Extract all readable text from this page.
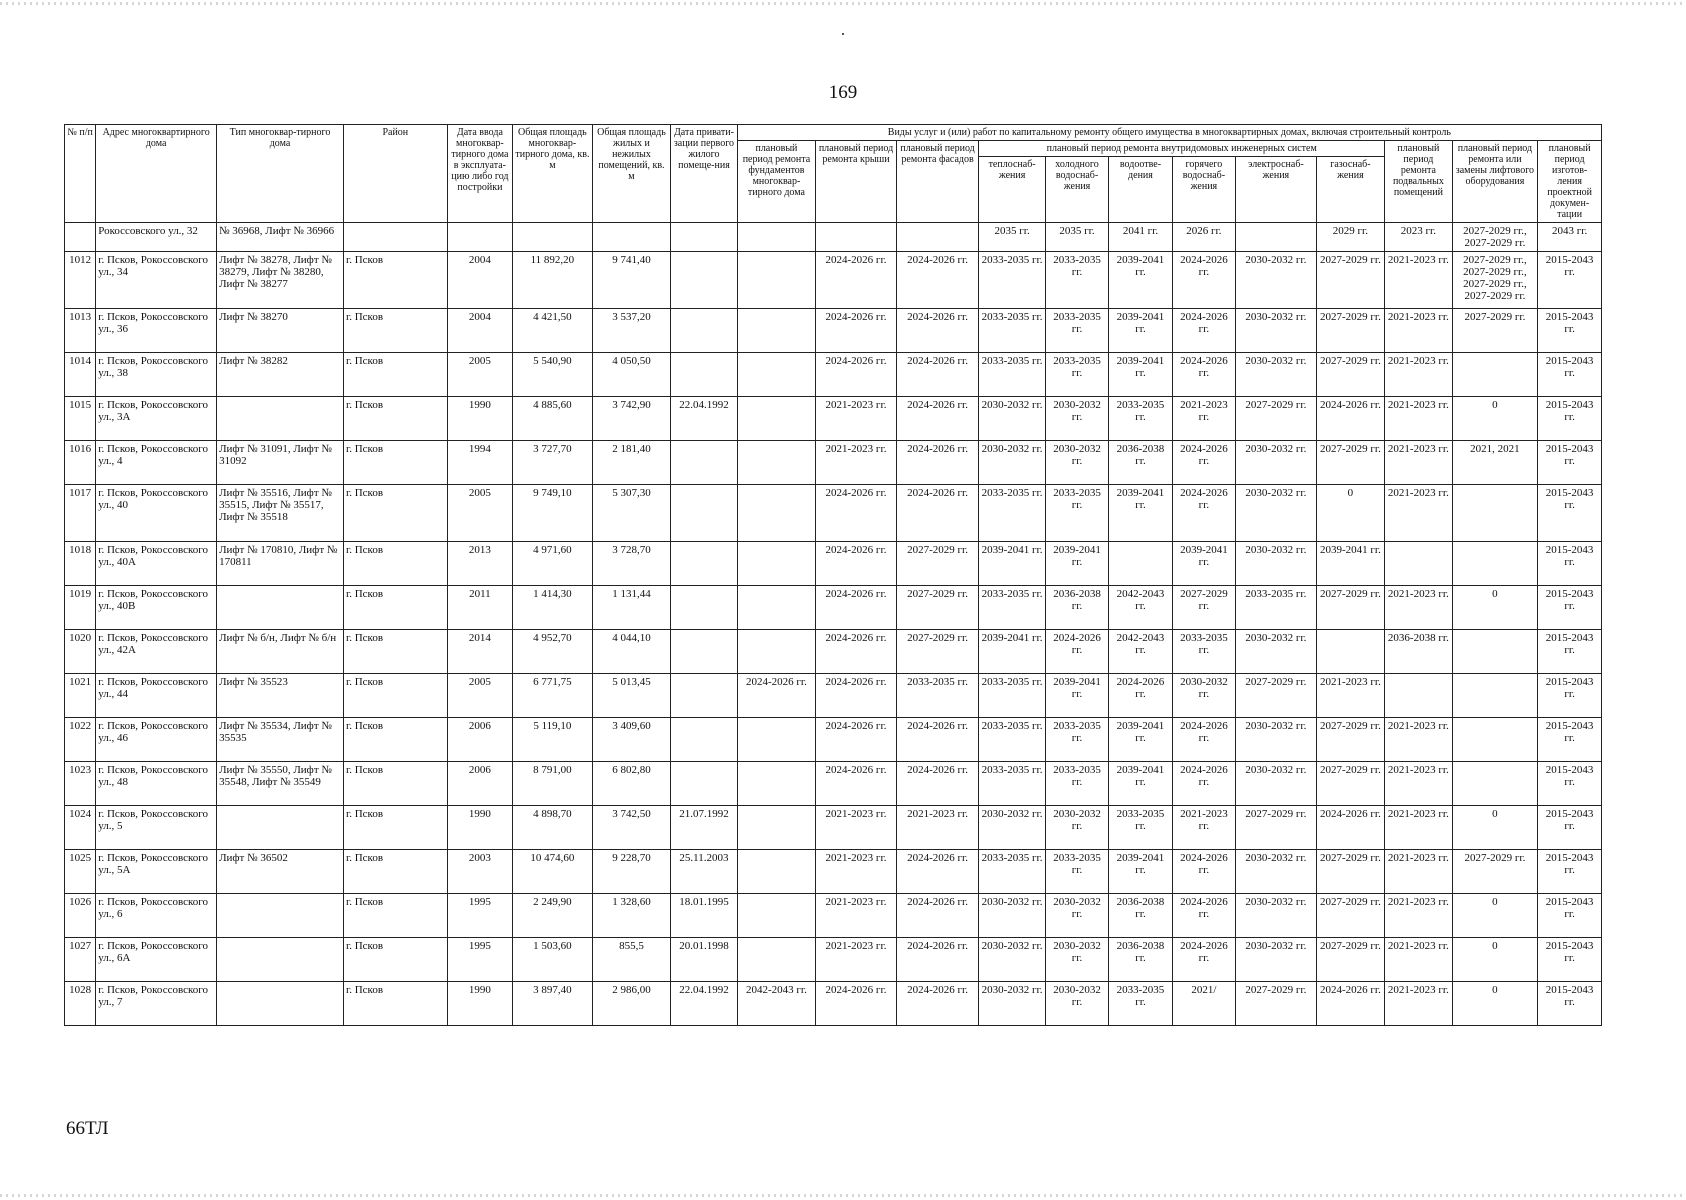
169
№ п/п	Адрес многоквартирного дома	Тип многоквар-тирного дома	Район	Дата ввода многоквар-тирного дома в эксплуата-цию либо год постройки	Общая площадь многоквар-тирного дома, кв. м	Общая площадь жилых и нежилых помещений, кв. м	Дата привати-зации первого жилого помеще-ния	Виды услуг и (или) работ по капитальному ремонту общего имущества в многоквартирных домах, включая строительный контроль											
								плановый период ремонта фундаментов многоквар-тирного дома	плановый период ремонта крыши	плановый период ремонта фасадов	плановый период ремонта внутридомовых инженерных систем						плановый период ремонта подвальных помещений	плановый период ремонта или замены лифтового оборудования	плановый период изготов-ления проектной докумен-тации
											теплоснаб-жения	холодного водоснаб-жения	водоотве-дения	горячего водоснаб-жения	электроснаб-жения	газоснаб-жения			
	Рокоссовского ул., 32	№ 36968, Лифт № 36966									2035 гг.	2035 гг.	2041 гг.	2026 гг.		2029 гг.	2023 гг.	2027-2029 гг., 2027-2029 гг.	2043 гг.
1012	г. Псков, Рокоссовского ул., 34	Лифт № 38278, Лифт № 38279, Лифт № 38280, Лифт № 38277	г. Псков	2004	11 892,20	9 741,40			2024-2026 гг.	2024-2026 гг.	2033-2035 гг.	2033-2035 гг.	2039-2041 гг.	2024-2026 гг.	2030-2032 гг.	2027-2029 гг.	2021-2023 гг.	2027-2029 гг., 2027-2029 гг., 2027-2029 гг., 2027-2029 гг.	2015-2043 гг.
1013	г. Псков, Рокоссовского ул., 36	Лифт № 38270	г. Псков	2004	4 421,50	3 537,20			2024-2026 гг.	2024-2026 гг.	2033-2035 гг.	2033-2035 гг.	2039-2041 гг.	2024-2026 гг.	2030-2032 гг.	2027-2029 гг.	2021-2023 гг.	2027-2029 гг.	2015-2043 гг.
1014	г. Псков, Рокоссовского ул., 38	Лифт № 38282	г. Псков	2005	5 540,90	4 050,50			2024-2026 гг.	2024-2026 гг.	2033-2035 гг.	2033-2035 гг.	2039-2041 гг.	2024-2026 гг.	2030-2032 гг.	2027-2029 гг.	2021-2023 гг.		2015-2043 гг.
1015	г. Псков, Рокоссовского ул., 3А		г. Псков	1990	4 885,60	3 742,90	22.04.1992		2021-2023 гг.	2024-2026 гг.	2030-2032 гг.	2030-2032 гг.	2033-2035 гг.	2021-2023 гг.	2027-2029 гг.	2024-2026 гг.	2021-2023 гг.	0	2015-2043 гг.
1016	г. Псков, Рокоссовского ул., 4	Лифт № 31091, Лифт № 31092	г. Псков	1994	3 727,70	2 181,40			2021-2023 гг.	2024-2026 гг.	2030-2032 гг.	2030-2032 гг.	2036-2038 гг.	2024-2026 гг.	2030-2032 гг.	2027-2029 гг.	2021-2023 гг.	2021, 2021	2015-2043 гг.
1017	г. Псков, Рокоссовского ул., 40	Лифт № 35516, Лифт № 35515, Лифт № 35517, Лифт № 35518	г. Псков	2005	9 749,10	5 307,30			2024-2026 гг.	2024-2026 гг.	2033-2035 гг.	2033-2035 гг.	2039-2041 гг.	2024-2026 гг.	2030-2032 гг.	0	2021-2023 гг.		2015-2043 гг.
1018	г. Псков, Рокоссовского ул., 40А	Лифт № 170810, Лифт № 170811	г. Псков	2013	4 971,60	3 728,70			2024-2026 гг.	2027-2029 гг.	2039-2041 гг.	2039-2041 гг.		2039-2041 гг.	2030-2032 гг.	2039-2041 гг.			2015-2043 гг.
1019	г. Псков, Рокоссовского ул., 40В		г. Псков	2011	1 414,30	1 131,44			2024-2026 гг.	2027-2029 гг.	2033-2035 гг.	2036-2038 гг.	2042-2043 гг.	2027-2029 гг.	2033-2035 гг.	2027-2029 гг.	2021-2023 гг.	0	2015-2043 гг.
1020	г. Псков, Рокоссовского ул., 42А	Лифт № б/н, Лифт № б/н	г. Псков	2014	4 952,70	4 044,10			2024-2026 гг.	2027-2029 гг.	2039-2041 гг.	2024-2026 гг.	2042-2043 гг.	2033-2035 гг.	2030-2032 гг.		2036-2038 гг.		2015-2043 гг.
1021	г. Псков, Рокоссовского ул., 44	Лифт № 35523	г. Псков	2005	6 771,75	5 013,45		2024-2026 гг.	2024-2026 гг.	2033-2035 гг.	2033-2035 гг.	2039-2041 гг.	2024-2026 гг.	2030-2032 гг.	2027-2029 гг.	2021-2023 гг.			2015-2043 гг.
1022	г. Псков, Рокоссовского ул., 46	Лифт № 35534, Лифт № 35535	г. Псков	2006	5 119,10	3 409,60			2024-2026 гг.	2024-2026 гг.	2033-2035 гг.	2033-2035 гг.	2039-2041 гг.	2024-2026 гг.	2030-2032 гг.	2027-2029 гг.	2021-2023 гг.		2015-2043 гг.
1023	г. Псков, Рокоссовского ул., 48	Лифт № 35550, Лифт № 35548, Лифт № 35549	г. Псков	2006	8 791,00	6 802,80			2024-2026 гг.	2024-2026 гг.	2033-2035 гг.	2033-2035 гг.	2039-2041 гг.	2024-2026 гг.	2030-2032 гг.	2027-2029 гг.	2021-2023 гг.		2015-2043 гг.
1024	г. Псков, Рокоссовского ул., 5		г. Псков	1990	4 898,70	3 742,50	21.07.1992		2021-2023 гг.	2021-2023 гг.	2030-2032 гг.	2030-2032 гг.	2033-2035 гг.	2021-2023 гг.	2027-2029 гг.	2024-2026 гг.	2021-2023 гг.	0	2015-2043 гг.
1025	г. Псков, Рокоссовского ул., 5А	Лифт № 36502	г. Псков	2003	10 474,60	9 228,70	25.11.2003		2021-2023 гг.	2024-2026 гг.	2033-2035 гг.	2033-2035 гг.	2039-2041 гг.	2024-2026 гг.	2030-2032 гг.	2027-2029 гг.	2021-2023 гг.	2027-2029 гг.	2015-2043 гг.
1026	г. Псков, Рокоссовского ул., 6		г. Псков	1995	2 249,90	1 328,60	18.01.1995		2021-2023 гг.	2024-2026 гг.	2030-2032 гг.	2030-2032 гг.	2036-2038 гг.	2024-2026 гг.	2030-2032 гг.	2027-2029 гг.	2021-2023 гг.	0	2015-2043 гг.
1027	г. Псков, Рокоссовского ул., 6А		г. Псков	1995	1 503,60	855,5	20.01.1998		2021-2023 гг.	2024-2026 гг.	2030-2032 гг.	2030-2032 гг.	2036-2038 гг.	2024-2026 гг.	2030-2032 гг.	2027-2029 гг.	2021-2023 гг.	0	2015-2043 гг.
1028	г. Псков, Рокоссовского ул., 7		г. Псков	1990	3 897,40	2 986,00	22.04.1992	2042-2043 гг.	2024-2026 гг.	2024-2026 гг.	2030-2032 гг.	2030-2032 гг.	2033-2035 гг.	2021/	2027-2029 гг.	2024-2026 гг.	2021-2023 гг.	0	2015-2043 гг.
66ТЛ
